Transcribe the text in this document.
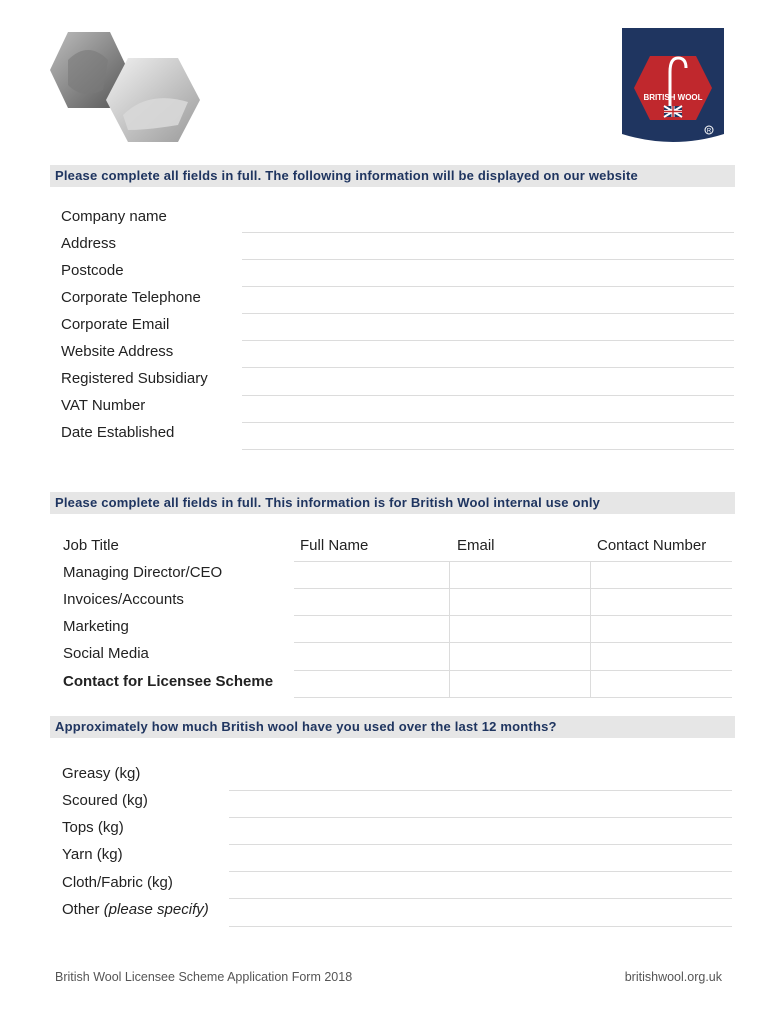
BRITISH WOOL
R
Please complete all fields in full. The following information will be displayed on our website
Company name
Address
Postcode
Corporate Telephone
Corporate Email
Website Address
Registered Subsidiary
VAT Number
Date Established
Please complete all fields in full. This information is for British Wool internal use only
Job Title	Full Name	Email	Contact Number
Managing Director/CEO
Invoices/Accounts
Marketing
Social Media
Contact for Licensee Scheme
Approximately how much British wool have you used over the last 12 months?
Greasy (kg)
Scoured (kg)
Tops (kg)
Yarn (kg)
Cloth/Fabric (kg)
Other (please specify)
British Wool Licensee Scheme Application Form 2018	britishwool.org.uk
